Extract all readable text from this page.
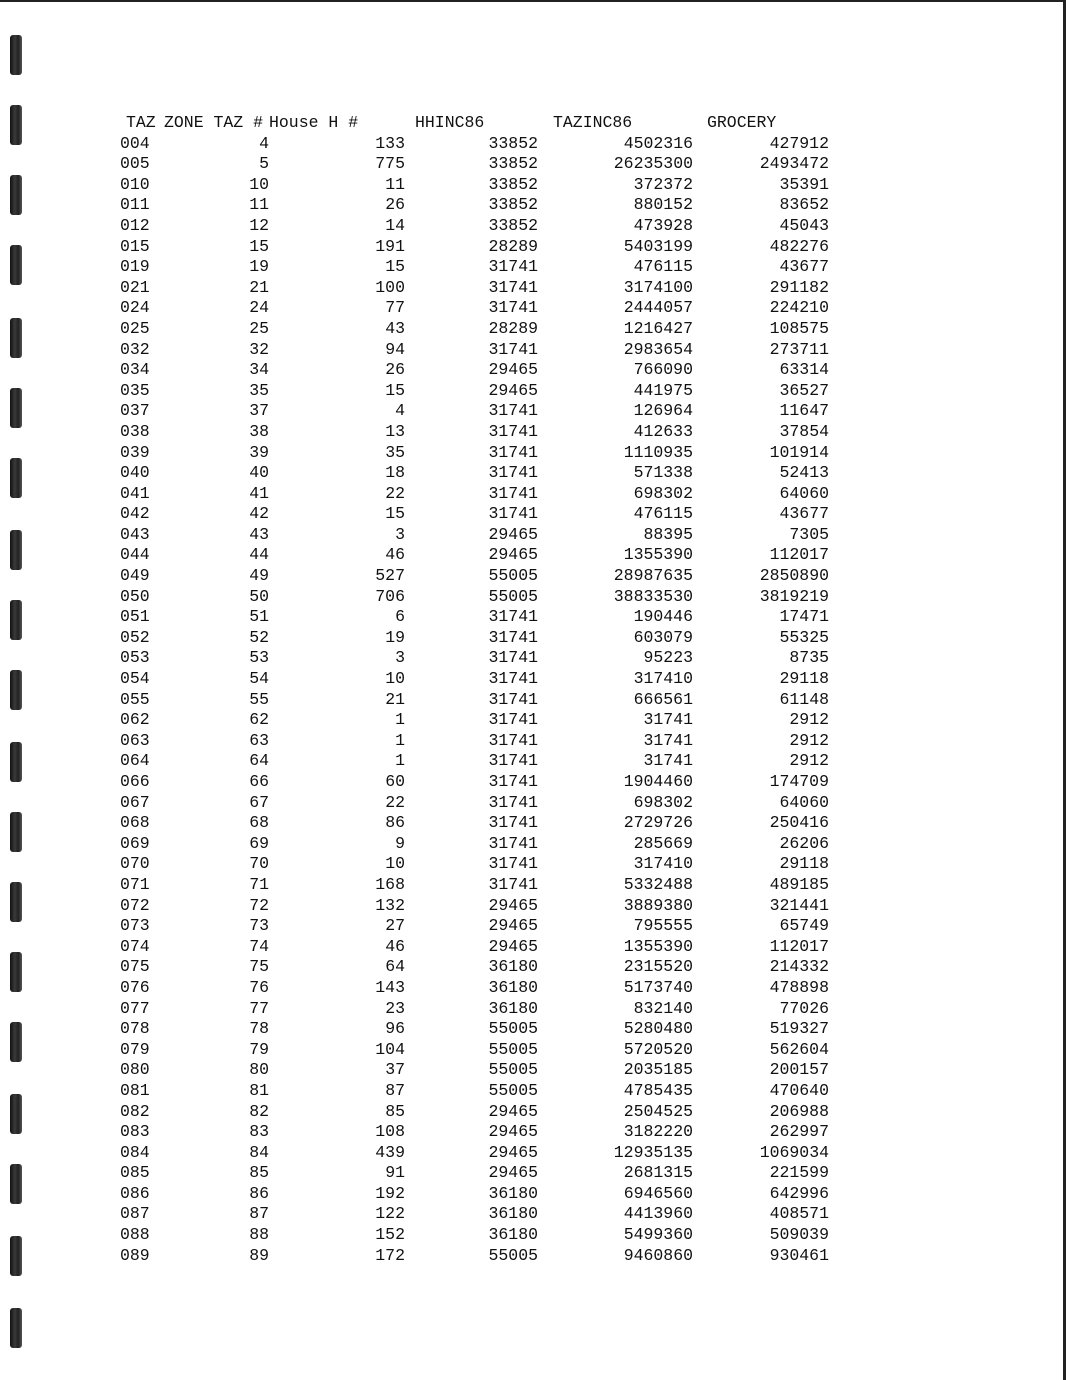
TAZ	ZONE TAZ #	House H #	HHINC86	TAZINC86	GROCERY
004	4	133	33852	4502316	427912
005	5	775	33852	26235300	2493472
010	10	11	33852	372372	35391
011	11	26	33852	880152	83652
012	12	14	33852	473928	45043
015	15	191	28289	5403199	482276
019	19	15	31741	476115	43677
021	21	100	31741	3174100	291182
024	24	77	31741	2444057	224210
025	25	43	28289	1216427	108575
032	32	94	31741	2983654	273711
034	34	26	29465	766090	63314
035	35	15	29465	441975	36527
037	37	4	31741	126964	11647
038	38	13	31741	412633	37854
039	39	35	31741	1110935	101914
040	40	18	31741	571338	52413
041	41	22	31741	698302	64060
042	42	15	31741	476115	43677
043	43	3	29465	88395	7305
044	44	46	29465	1355390	112017
049	49	527	55005	28987635	2850890
050	50	706	55005	38833530	3819219
051	51	6	31741	190446	17471
052	52	19	31741	603079	55325
053	53	3	31741	95223	8735
054	54	10	31741	317410	29118
055	55	21	31741	666561	61148
062	62	1	31741	31741	2912
063	63	1	31741	31741	2912
064	64	1	31741	31741	2912
066	66	60	31741	1904460	174709
067	67	22	31741	698302	64060
068	68	86	31741	2729726	250416
069	69	9	31741	285669	26206
070	70	10	31741	317410	29118
071	71	168	31741	5332488	489185
072	72	132	29465	3889380	321441
073	73	27	29465	795555	65749
074	74	46	29465	1355390	112017
075	75	64	36180	2315520	214332
076	76	143	36180	5173740	478898
077	77	23	36180	832140	77026
078	78	96	55005	5280480	519327
079	79	104	55005	5720520	562604
080	80	37	55005	2035185	200157
081	81	87	55005	4785435	470640
082	82	85	29465	2504525	206988
083	83	108	29465	3182220	262997
084	84	439	29465	12935135	1069034
085	85	91	29465	2681315	221599
086	86	192	36180	6946560	642996
087	87	122	36180	4413960	408571
088	88	152	36180	5499360	509039
089	89	172	55005	9460860	930461
